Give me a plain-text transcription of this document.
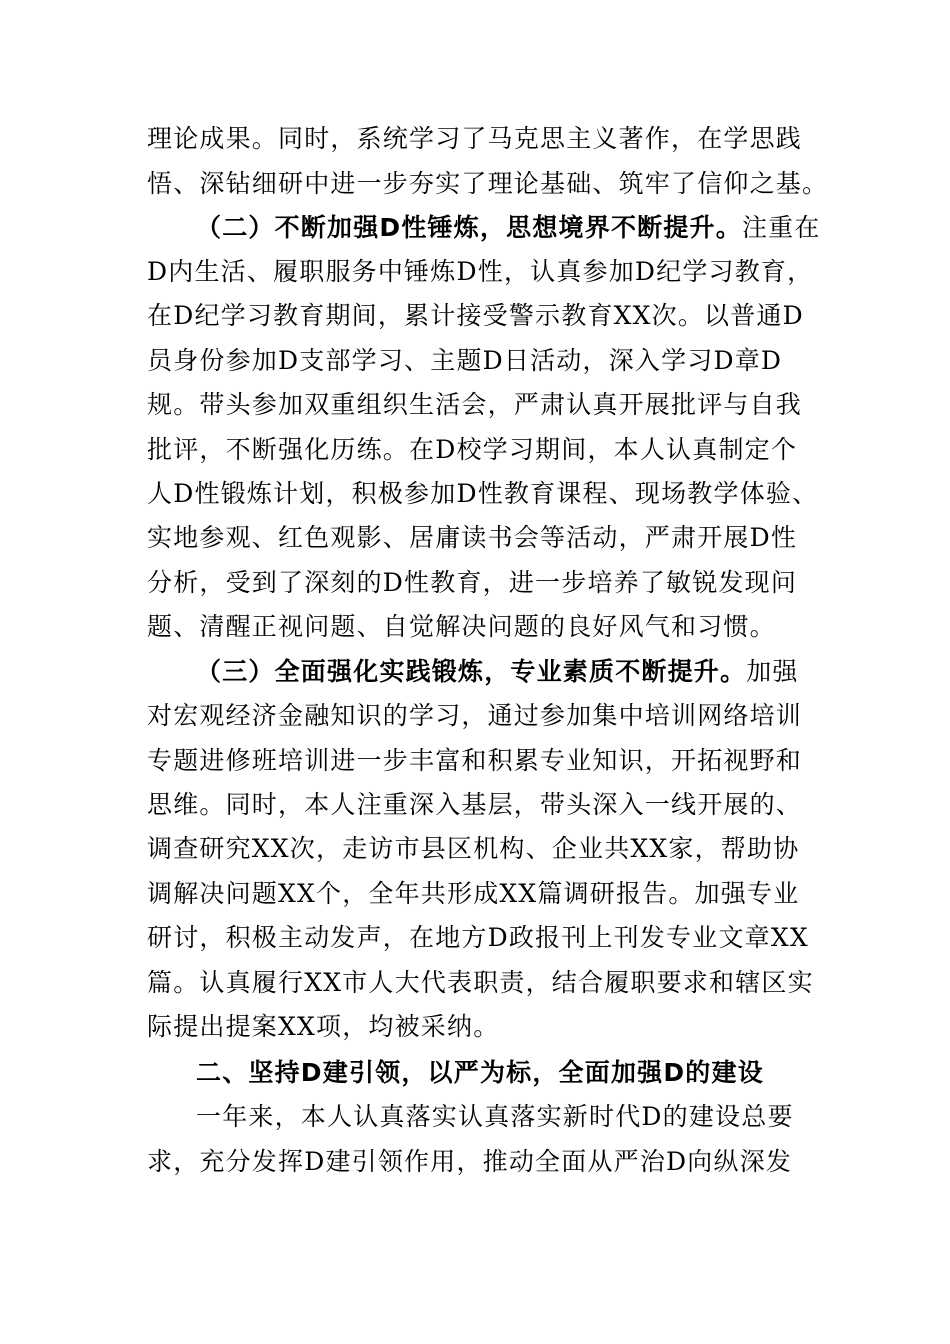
理论成果。同时，系统学习了马克思主义著作，在学思践
悟、深钻细研中进一步夯实了理论基础、筑牢了信仰之基。
（二）不断加强D性锤炼，思想境界不断提升。注重在
D内生活、履职服务中锤炼D性，认真参加D纪学习教育，
在D纪学习教育期间，累计接受警示教育XX次。以普通D
员身份参加D支部学习、主题D日活动，深入学习D章D
规。带头参加双重组织生活会，严肃认真开展批评与自我
批评，不断强化历练。在D校学习期间，本人认真制定个
人D性锻炼计划，积极参加D性教育课程、现场教学体验、
实地参观、红色观影、居庸读书会等活动，严肃开展D性
分析，受到了深刻的D性教育，进一步培养了敏锐发现问
题、清醒正视问题、自觉解决问题的良好风气和习惯。
（三）全面强化实践锻炼，专业素质不断提升。加强
对宏观经济金融知识的学习，通过参加集中培训网络培训
专题进修班培训进一步丰富和积累专业知识，开拓视野和
思维。同时，本人注重深入基层，带头深入一线开展的、
调查研究XX次，走访市县区机构、企业共XX家，帮助协
调解决问题XX个，全年共形成XX篇调研报告。加强专业
研讨，积极主动发声，在地方D政报刊上刊发专业文章XX
篇。认真履行XX市人大代表职责，结合履职要求和辖区实
际提出提案XX项，均被采纳。
二、坚持D建引领，以严为标，全面加强D的建设
一年来，本人认真落实认真落实新时代D的建设总要
求，充分发挥D建引领作用，推动全面从严治D向纵深发
